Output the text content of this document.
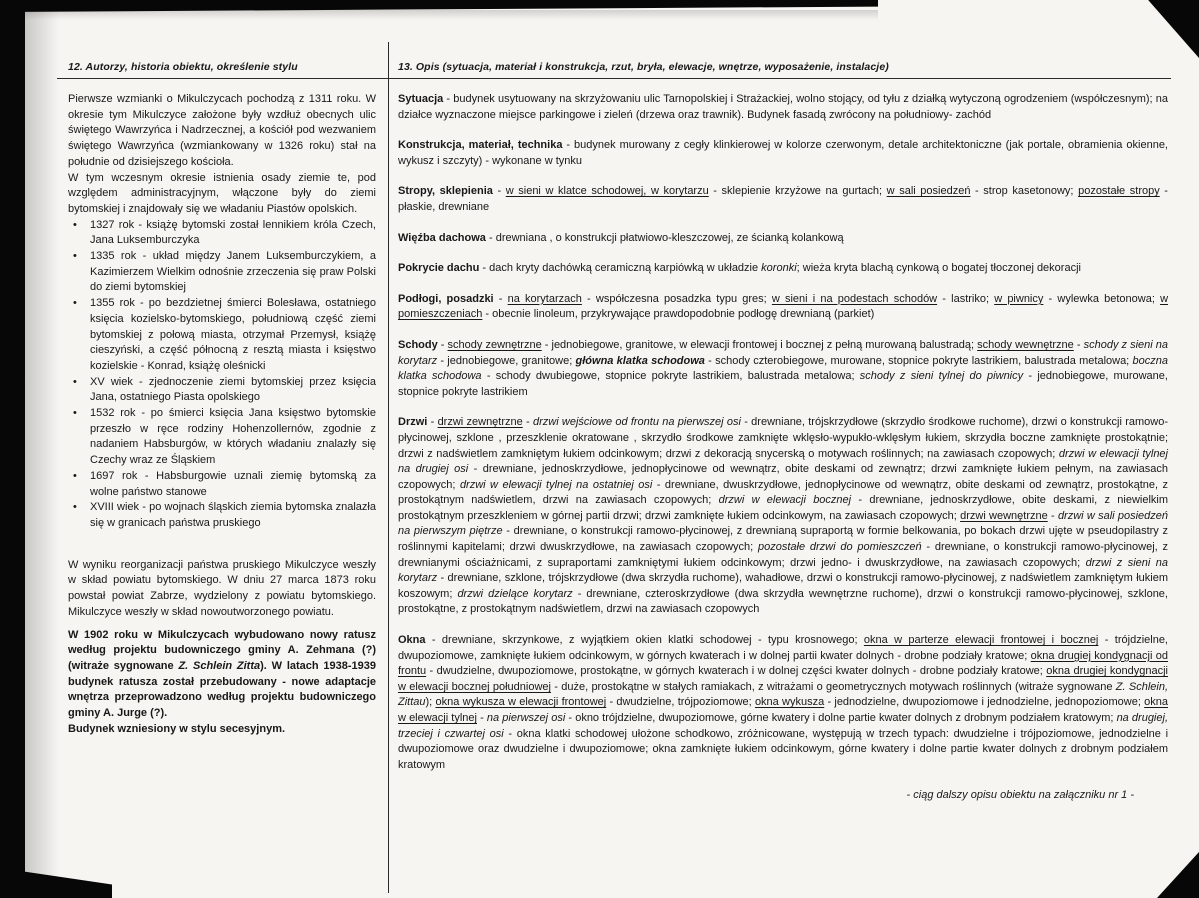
12. Autorzy, historia obiektu, określenie stylu	13. Opis (sytuacja, materiał i konstrukcja, rzut, bryła, elewacje, wnętrze, wyposażenie, instalacje)

Pierwsze wzmianki o Mikulczycach pochodzą z 1311 roku. W okresie tym Mikulczyce założone były wzdłuż obecnych ulic świętego Wawrzyńca i Nadrzecznej, a kościół pod wezwaniem świętego Wawrzyńca (wzmiankowany w 1326 roku) stał na południe od dzisiejszego kościoła.

W tym wczesnym okresie istnienia osady ziemie te, pod względem administracyjnym, włączone były do ziemi bytomskiej i znajdowały się we władaniu Piastów opolskich.

•
1327 rok - książę bytomski został lennikiem króla Czech, Jana Luksemburczyka
•
1335 rok - układ między Janem Luksemburczykiem, a Kazimierzem Wielkim odnośnie zrzeczenia się praw Polski do ziemi bytomskiej
•
1355 rok - po bezdzietnej śmierci Bolesława, ostatniego księcia kozielsko-bytomskiego, południową część ziemi bytomskiej z połową miasta, otrzymał Przemysł, książę cieszyński, a część północną z resztą miasta i księstwo kozielskie - Konrad, książę oleśnicki
•
XV wiek - zjednoczenie ziemi bytomskiej przez księcia Jana, ostatniego Piasta opolskiego
•
1532 rok - po śmierci księcia Jana księstwo bytomskie przeszło w ręce rodziny Hohenzollernów, zgodnie z nadaniem Habsburgów, w których władaniu znalazły się Czechy wraz ze Śląskiem
•
1697 rok - Habsburgowie uznali ziemię bytomską za wolne państwo stanowe
•
XVIII wiek - po wojnach śląskich ziemia bytomska znalazła się w granicach państwa pruskiego

W wyniku reorganizacji państwa pruskiego Mikulczyce weszły w skład powiatu bytomskiego. W dniu 27 marca 1873 roku powstał powiat Zabrze, wydzielony z powiatu bytomskiego. Mikulczyce weszły w skład nowoutworzonego powiatu.

W 1902 roku w Mikulczycach wybudowano nowy ratusz według projektu budowniczego gminy A. Zehmana (?) (witraże sygnowane Z. Schlein Zitta). W latach 1938-1939 budynek ratusza został przebudowany - nowe adaptacje wnętrza przeprowadzono według projektu budowniczego gminy A. Jurge (?).

Budynek wzniesiony w stylu secesyjnym.

Sytuacja - budynek usytuowany na skrzyżowaniu ulic Tarnopolskiej i Strażackiej, wolno stojący, od tyłu z działką wytyczoną ogrodzeniem (współczesnym); na działce wyznaczone miejsce parkingowe i zieleń (drzewa oraz trawnik). Budynek fasadą zwrócony na południowy- zachód

Konstrukcja, materiał, technika - budynek murowany z cegły klinkierowej w kolorze czerwonym, detale architektoniczne (jak portale, obramienia okienne, wykusz i szczyty) - wykonane w tynku

Stropy, sklepienia - w sieni w klatce schodowej, w korytarzu - sklepienie krzyżowe na gurtach; w sali posiedzeń - strop kasetonowy; pozostałe stropy - płaskie, drewniane

Więźba dachowa - drewniana , o konstrukcji płatwiowo-kleszczowej, ze ścianką kolankową

Pokrycie dachu - dach kryty dachówką ceramiczną karpiówką w układzie koronki; wieża kryta blachą cynkową o bogatej tłoczonej dekoracji

Podłogi, posadzki - na korytarzach - współczesna posadzka typu gres; w sieni i na podestach schodów - lastriko; w piwnicy - wylewka betonowa; w pomieszczeniach - obecnie linoleum, przykrywające prawdopodobnie podłogę drewnianą (parkiet)

Schody - schody zewnętrzne - jednobiegowe, granitowe, w elewacji frontowej i bocznej z pełną murowaną balustradą; schody wewnętrzne - schody z sieni na korytarz - jednobiegowe, granitowe; główna klatka schodowa - schody czterobiegowe, murowane, stopnice pokryte lastrikiem, balustrada metalowa; boczna klatka schodowa - schody dwubiegowe, stopnice pokryte lastrikiem, balustrada metalowa; schody z sieni tylnej do piwnicy - jednobiegowe, murowane, stopnice pokryte lastrikiem

Drzwi - drzwi zewnętrzne - drzwi wejściowe od frontu na pierwszej osi - drewniane, trójskrzydłowe (skrzydło środkowe ruchome), drzwi o konstrukcji ramowo-płycinowej, szklone , przeszklenie okratowane , skrzydło środkowe zamknięte wklęsło-wypukło-wklęsłym łukiem, skrzydła boczne zamknięte prostokątnie; drzwi z nadświetlem zamkniętym łukiem odcinkowym; drzwi z dekoracją snycerską o motywach roślinnych; na zawiasach czopowych; drzwi w elewacji tylnej na drugiej osi - drewniane, jednoskrzydłowe, jednopłycinowe od wewnątrz, obite deskami od zewnątrz; drzwi zamknięte łukiem pełnym, na zawiasach czopowych; drzwi w elewacji tylnej na ostatniej osi - drewniane, dwuskrzydłowe, jednopłycinowe od wewnątrz, obite deskami od zewnątrz, prostokątne, z prostokątnym nadświetlem, drzwi na zawiasach czopowych; drzwi w elewacji bocznej - drewniane, jednoskrzydłowe, obite deskami, z niewielkim prostokątnym przeszkleniem w górnej partii drzwi; drzwi zamknięte łukiem odcinkowym, na zawiasach czopowych; drzwi wewnętrzne - drzwi w sali posiedzeń na pierwszym piętrze - drewniane, o konstrukcji ramowo-płycinowej, z drewnianą supraportą w formie belkowania, po bokach drzwi ujęte w pseudopilastry z roślinnymi kapitelami; drzwi dwuskrzydłowe, na zawiasach czopowych; pozostałe drzwi do pomieszczeń - drewniane, o konstrukcji ramowo-płycinowej, z drewnianymi ościażnicami, z supraportami zamkniętymi łukiem odcinkowym; drzwi jedno- i dwuskrzydłowe, na zawiasach czopowych; drzwi z sieni na korytarz - drewniane, szklone, trójskrzydłowe (dwa skrzydła ruchome), wahadłowe, drzwi o konstrukcji ramowo-płycinowej, z nadświetlem zamkniętym łukiem koszowym; drzwi dzielące korytarz - drewniane, czteroskrzydłowe (dwa skrzydła wewnętrzne ruchome), drzwi o konstrukcji ramowo-płycinowej, szklone, prostokątne, z prostokątnym nadświetlem, drzwi na zawiasach czopowych

Okna - drewniane, skrzynkowe, z wyjątkiem okien klatki schodowej - typu krosnowego; okna w parterze elewacji frontowej i bocznej - trójdzielne, dwupoziomowe, zamknięte łukiem odcinkowym, w górnych kwaterach i w dolnej partii kwater dolnych - drobne podziały kratowe; okna drugiej kondygnacji od frontu - dwudzielne, dwupoziomowe, prostokątne, w górnych kwaterach i w dolnej części kwater dolnych - drobne podziały kratowe; okna drugiej kondygnacji w elewacji bocznej południowej - duże, prostokątne w stałych ramiakach, z witrażami o geometrycznych motywach roślinnych (witraże sygnowane Z. Schlein, Zittau); okna wykusza w elewacji frontowej - dwudzielne, trójpoziomowe; okna wykusza - jednodzielne, dwupoziomowe i jednodzielne, jednopoziomowe; okna w elewacji tylnej - na pierwszej osi - okno trójdzielne, dwupoziomowe, górne kwatery i dolne partie kwater dolnych z drobnym podziałem kratowym; na drugiej, trzeciej i czwartej osi - okna klatki schodowej ułożone schodkowo, zróżnicowane, występują w trzech typach: dwudzielne i trójpoziomowe, jednodzielne i dwupoziomowe oraz dwudzielne i dwupoziomowe; okna zamknięte łukiem odcinkowym, górne kwatery i dolne partie kwater dolnych z drobnym podziałem kratowym

- ciąg dalszy opisu obiektu na załączniku nr 1 -
